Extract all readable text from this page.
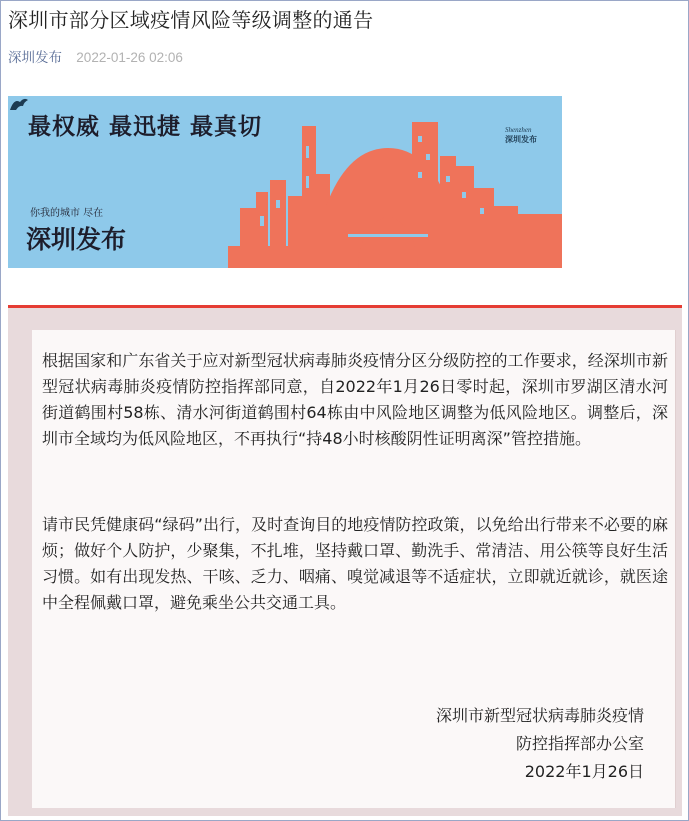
深圳市部分区域疫情风险等级调整的通告
深圳发布 2022-01-26 02:06
最权威 最迅捷 最真切
你我的城市 尽在
深圳发布
Shenzhen
深圳发布

根据国家和广东省关于应对新型冠状病毒肺炎疫情分区分级防控的工作要求，经深圳市新型冠状病毒肺炎疫情防控指挥部同意，自2022年1月26日零时起，深圳市罗湖区清水河街道鹤围村58栋、清水河街道鹤围村64栋由中风险地区调整为低风险地区。调整后，深圳市全域均为低风险地区，不再执行“持48小时核酸阴性证明离深”管控措施。

请市民凭健康码“绿码”出行，及时查询目的地疫情防控政策，以免给出行带来不必要的麻烦；做好个人防护，少聚集，不扎堆，坚持戴口罩、勤洗手、常清洁、用公筷等良好生活习惯。如有出现发热、干咳、乏力、咽痛、嗅觉减退等不适症状，立即就近就诊，就医途中全程佩戴口罩，避免乘坐公共交通工具。

深圳市新型冠状病毒肺炎疫情
防控指挥部办公室
2022年1月26日
